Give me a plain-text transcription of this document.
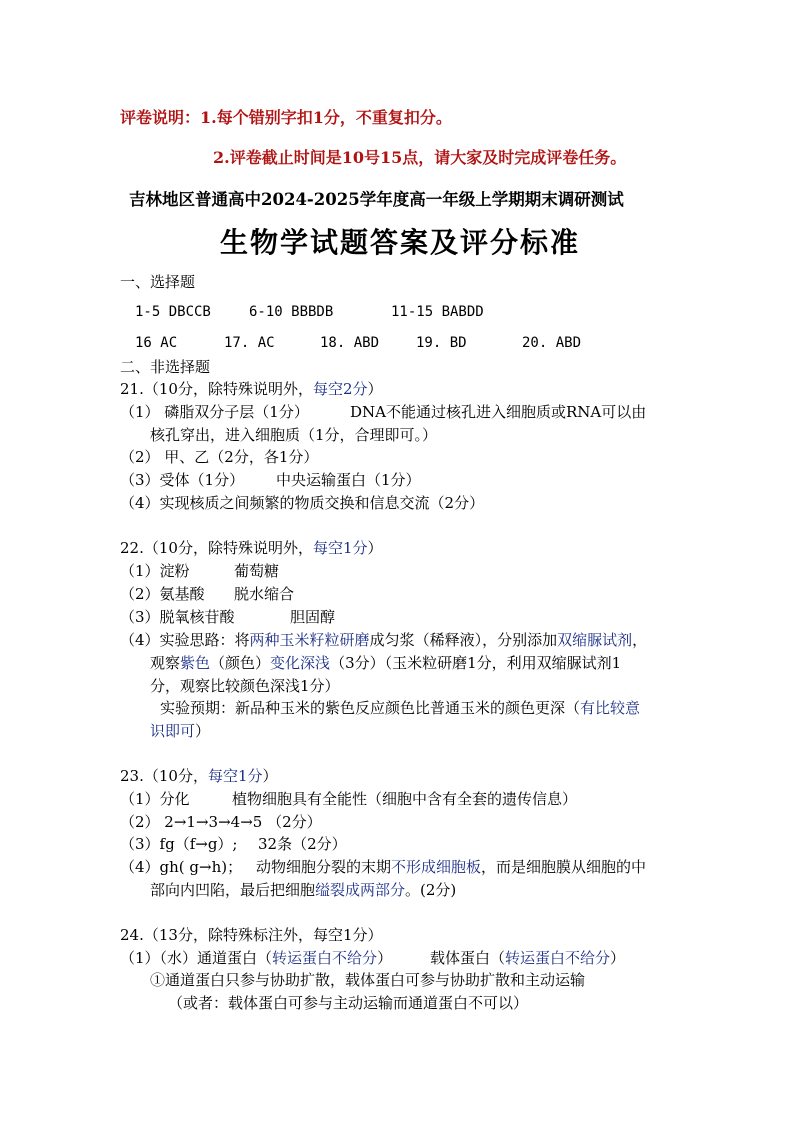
评卷说明：1.每个错别字扣1分，不重复扣分。
2.评卷截止时间是10号15点，请大家及时完成评卷任务。
吉林地区普通高中2024-2025学年度高一年级上学期期末调研测试
生物学试题答案及评分标准
一、选择题
1-5 DBCCB	6-10 BBBDB	11-15 BABDD
16 AC	17. AC	18. ABD	19. BD	20. ABD
二、非选择题
21.（10分，除特殊说明外，每空2分）
（1） 磷脂双分子层（1分）	DNA不能通过核孔进入细胞质或RNA可以由
核孔穿出，进入细胞质（1分，合理即可。）
（2） 甲、乙（2分，各1分）
（3）受体（1分） 中央运输蛋白（1分）
（4）实现核质之间频繁的物质交换和信息交流（2分）
22.（10分，除特殊说明外，每空1分）
（1）淀粉	葡萄糖
（2）氨基酸 脱水缩合
（3）脱氧核苷酸	胆固醇
（4）实验思路：将两种玉米籽粒研磨成匀浆（稀释液），分别添加双缩脲试剂，
观察紫色（颜色）变化深浅（3分）（玉米粒研磨1分，利用双缩脲试剂1
分，观察比较颜色深浅1分）
实验预期：新品种玉米的紫色反应颜色比普通玉米的颜色更深（有比较意
识即可）
23.（10分，每空1分）
（1）分化	植物细胞具有全能性（细胞中含有全套的遗传信息）
（2） 2→1→3→4→5 （2分）
（3）fg（f→g）; 32条（2分）
（4）gh( g→h)； 动物细胞分裂的末期不形成细胞板，而是细胞膜从细胞的中
部向内凹陷，最后把细胞缢裂成两部分。(2分)
24.（13分，除特殊标注外，每空1分）
（1）（水）通道蛋白（转运蛋白不给分）	载体蛋白（转运蛋白不给分）
①通道蛋白只参与协助扩散，载体蛋白可参与协助扩散和主动运输
（或者：载体蛋白可参与主动运输而通道蛋白不可以）
